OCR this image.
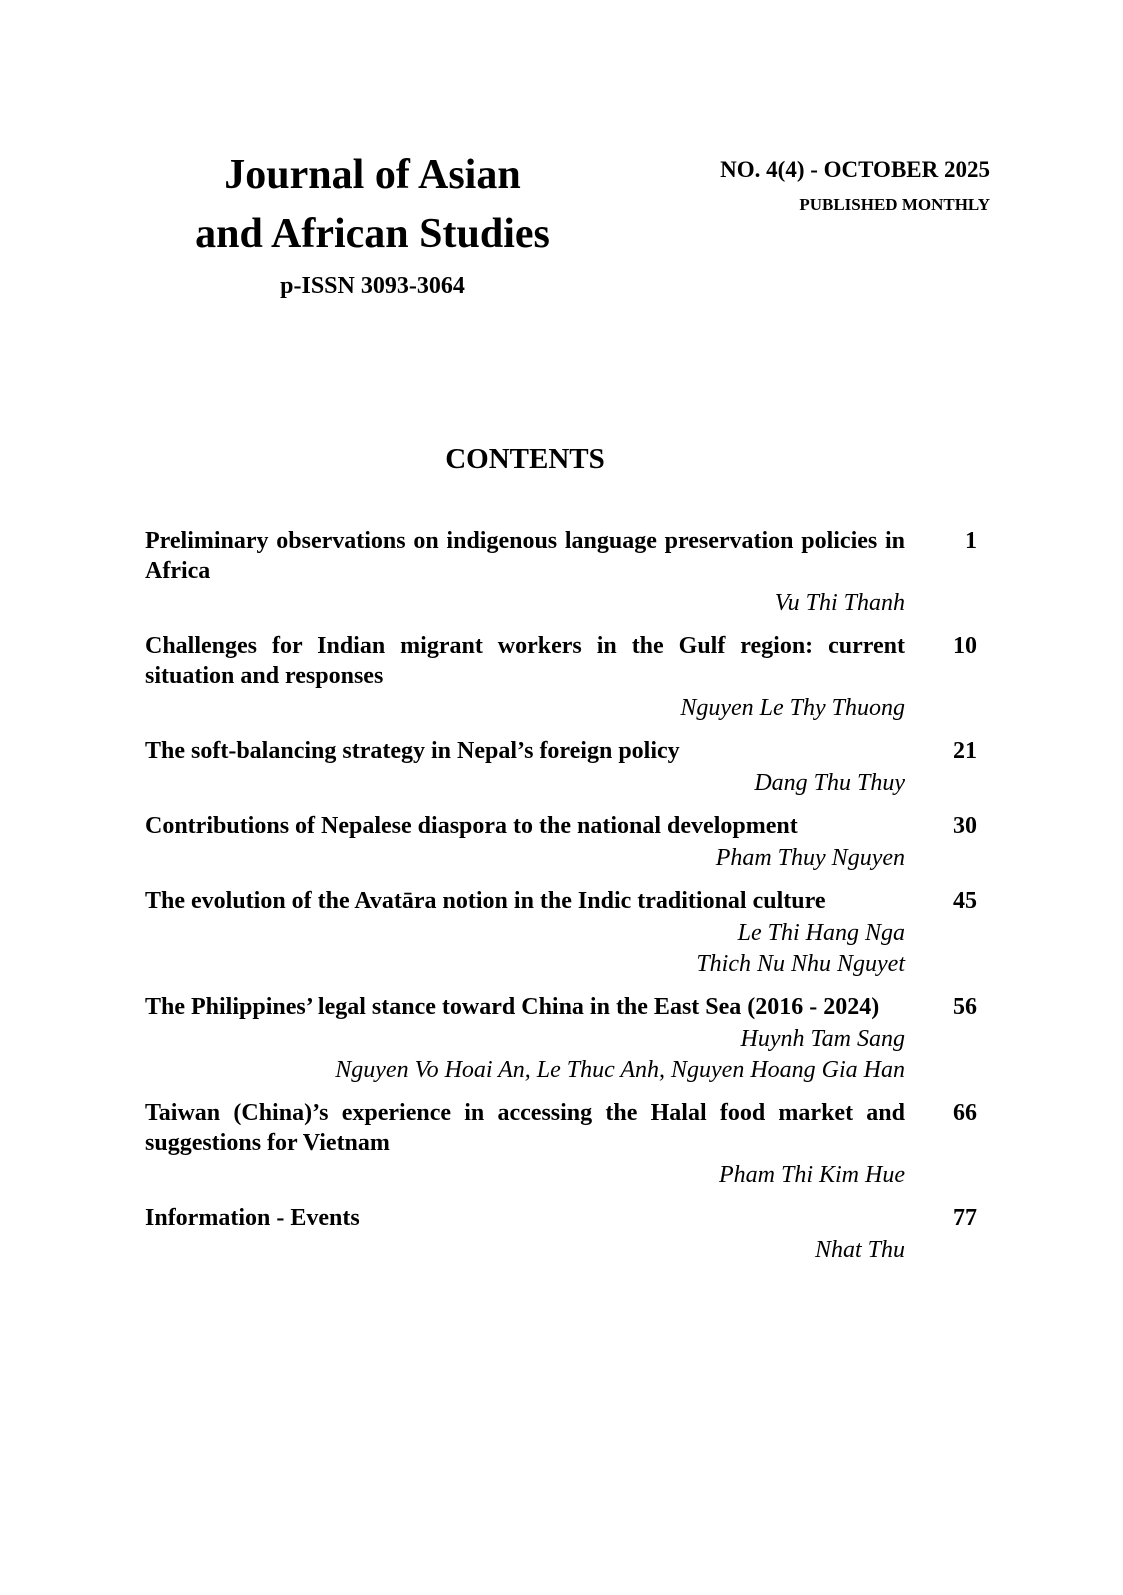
Journal of Asian
and African Studies
p-ISSN 3093-3064
NO. 4(4) - OCTOBER 2025
PUBLISHED MONTHLY
CONTENTS
Preliminary observations on indigenous language preservation policies in
Africa
1
Vu Thi Thanh
Challenges for Indian migrant workers in the Gulf region: current
situation and responses
10
Nguyen Le Thy Thuong
The soft-balancing strategy in Nepal’s foreign policy	21
Dang Thu Thuy
Contributions of Nepalese diaspora to the national development	30
Pham Thuy Nguyen
The evolution of the Avatāra notion in the Indic traditional culture	45
Le Thi Hang Nga
Thich Nu Nhu Nguyet
The Philippines’ legal stance toward China in the East Sea (2016 - 2024)	56
Huynh Tam Sang
Nguyen Vo Hoai An, Le Thuc Anh, Nguyen Hoang Gia Han
Taiwan (China)’s experience in accessing the Halal food market and
suggestions for Vietnam
66
Pham Thi Kim Hue
Information - Events	77
Nhat Thu
